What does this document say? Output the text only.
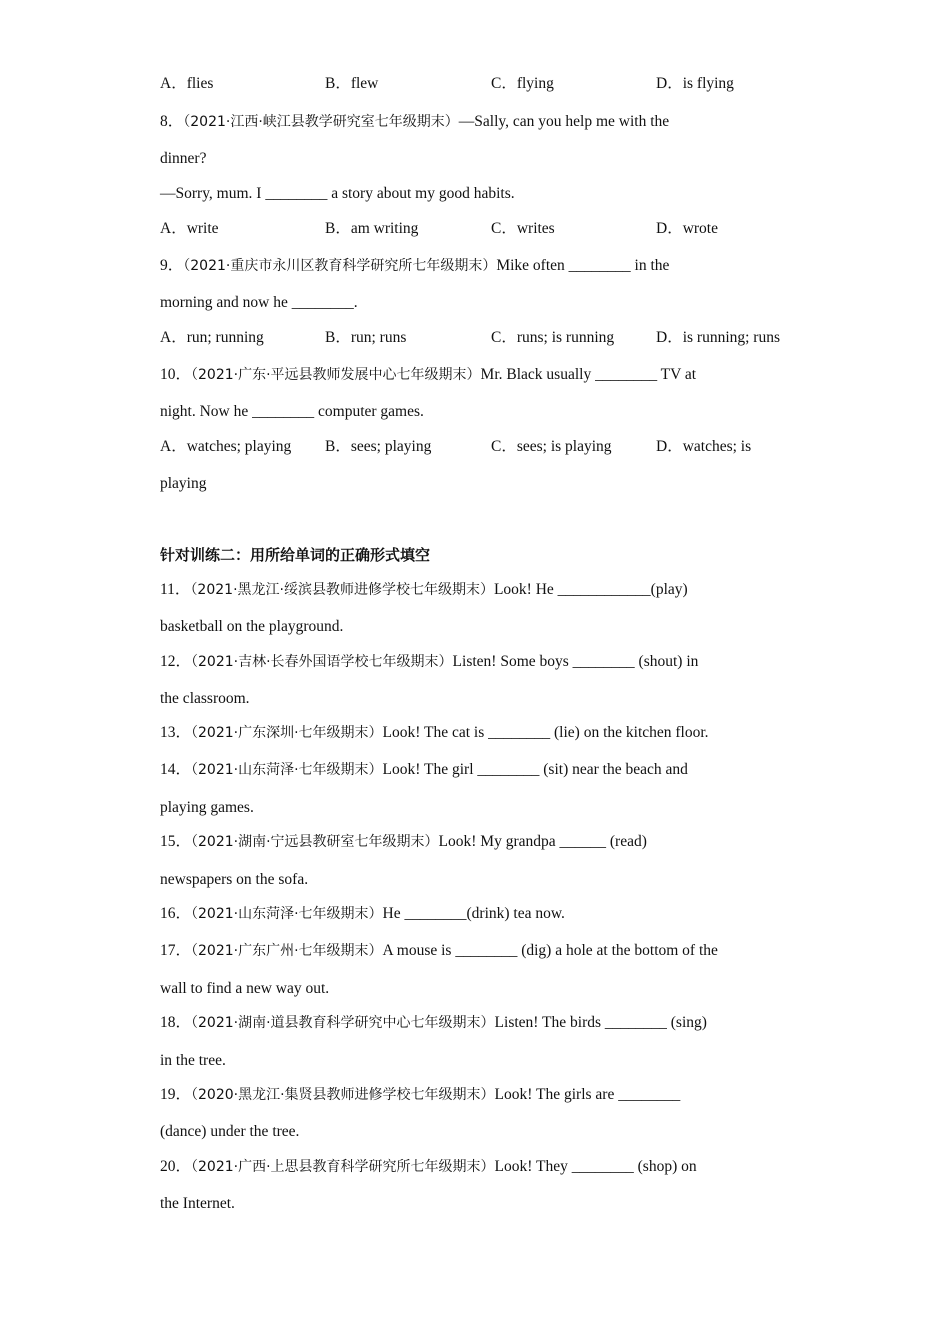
A．flies	B．flew	C．flying	D．is flying
8．（2021·江西·峡江县教学研究室七年级期末）—Sally, can you help me with the
dinner?
—Sorry, mum. I ________ a story about my good habits.
A．write	B．am writing	C．writes	D．wrote
9．（2021·重庆市永川区教育科学研究所七年级期末）Mike often ________ in the
morning and now he ________.
A．run; running	B．run; runs	C．runs; is running	D．is running; runs
10．（2021·广东·平远县教师发展中心七年级期末）Mr. Black usually ________ TV at
night. Now he ________ computer games.
A．watches; playing B．sees; playing	C．sees; is playing	D．watches; is
playing
针对训练二：用所给单词的正确形式填空
11．（2021·黑龙江·绥滨县教师进修学校七年级期末）Look! He ____________(play)
basketball on the playground.
12．（2021·吉林·长春外国语学校七年级期末）Listen! Some boys ________ (shout) in
the classroom.
13．（2021·广东深圳·七年级期末）Look! The cat is ________ (lie) on the kitchen floor.
14．（2021·山东菏泽·七年级期末）Look! The girl ________ (sit) near the beach and
playing games.
15．（2021·湖南·宁远县教研室七年级期末）Look! My grandpa ______ (read)
newspapers on the sofa.
16．（2021·山东菏泽·七年级期末）He ________(drink) tea now.
17．（2021·广东广州·七年级期末）A mouse is ________ (dig) a hole at the bottom of the
wall to find a new way out.
18．（2021·湖南·道县教育科学研究中心七年级期末）Listen! The birds ________ (sing)
in the tree.
19．（2020·黑龙江·集贤县教师进修学校七年级期末）Look! The girls are ________
(dance) under the tree.
20．（2021·广西·上思县教育科学研究所七年级期末）Look! They ________ (shop) on
the Internet.
